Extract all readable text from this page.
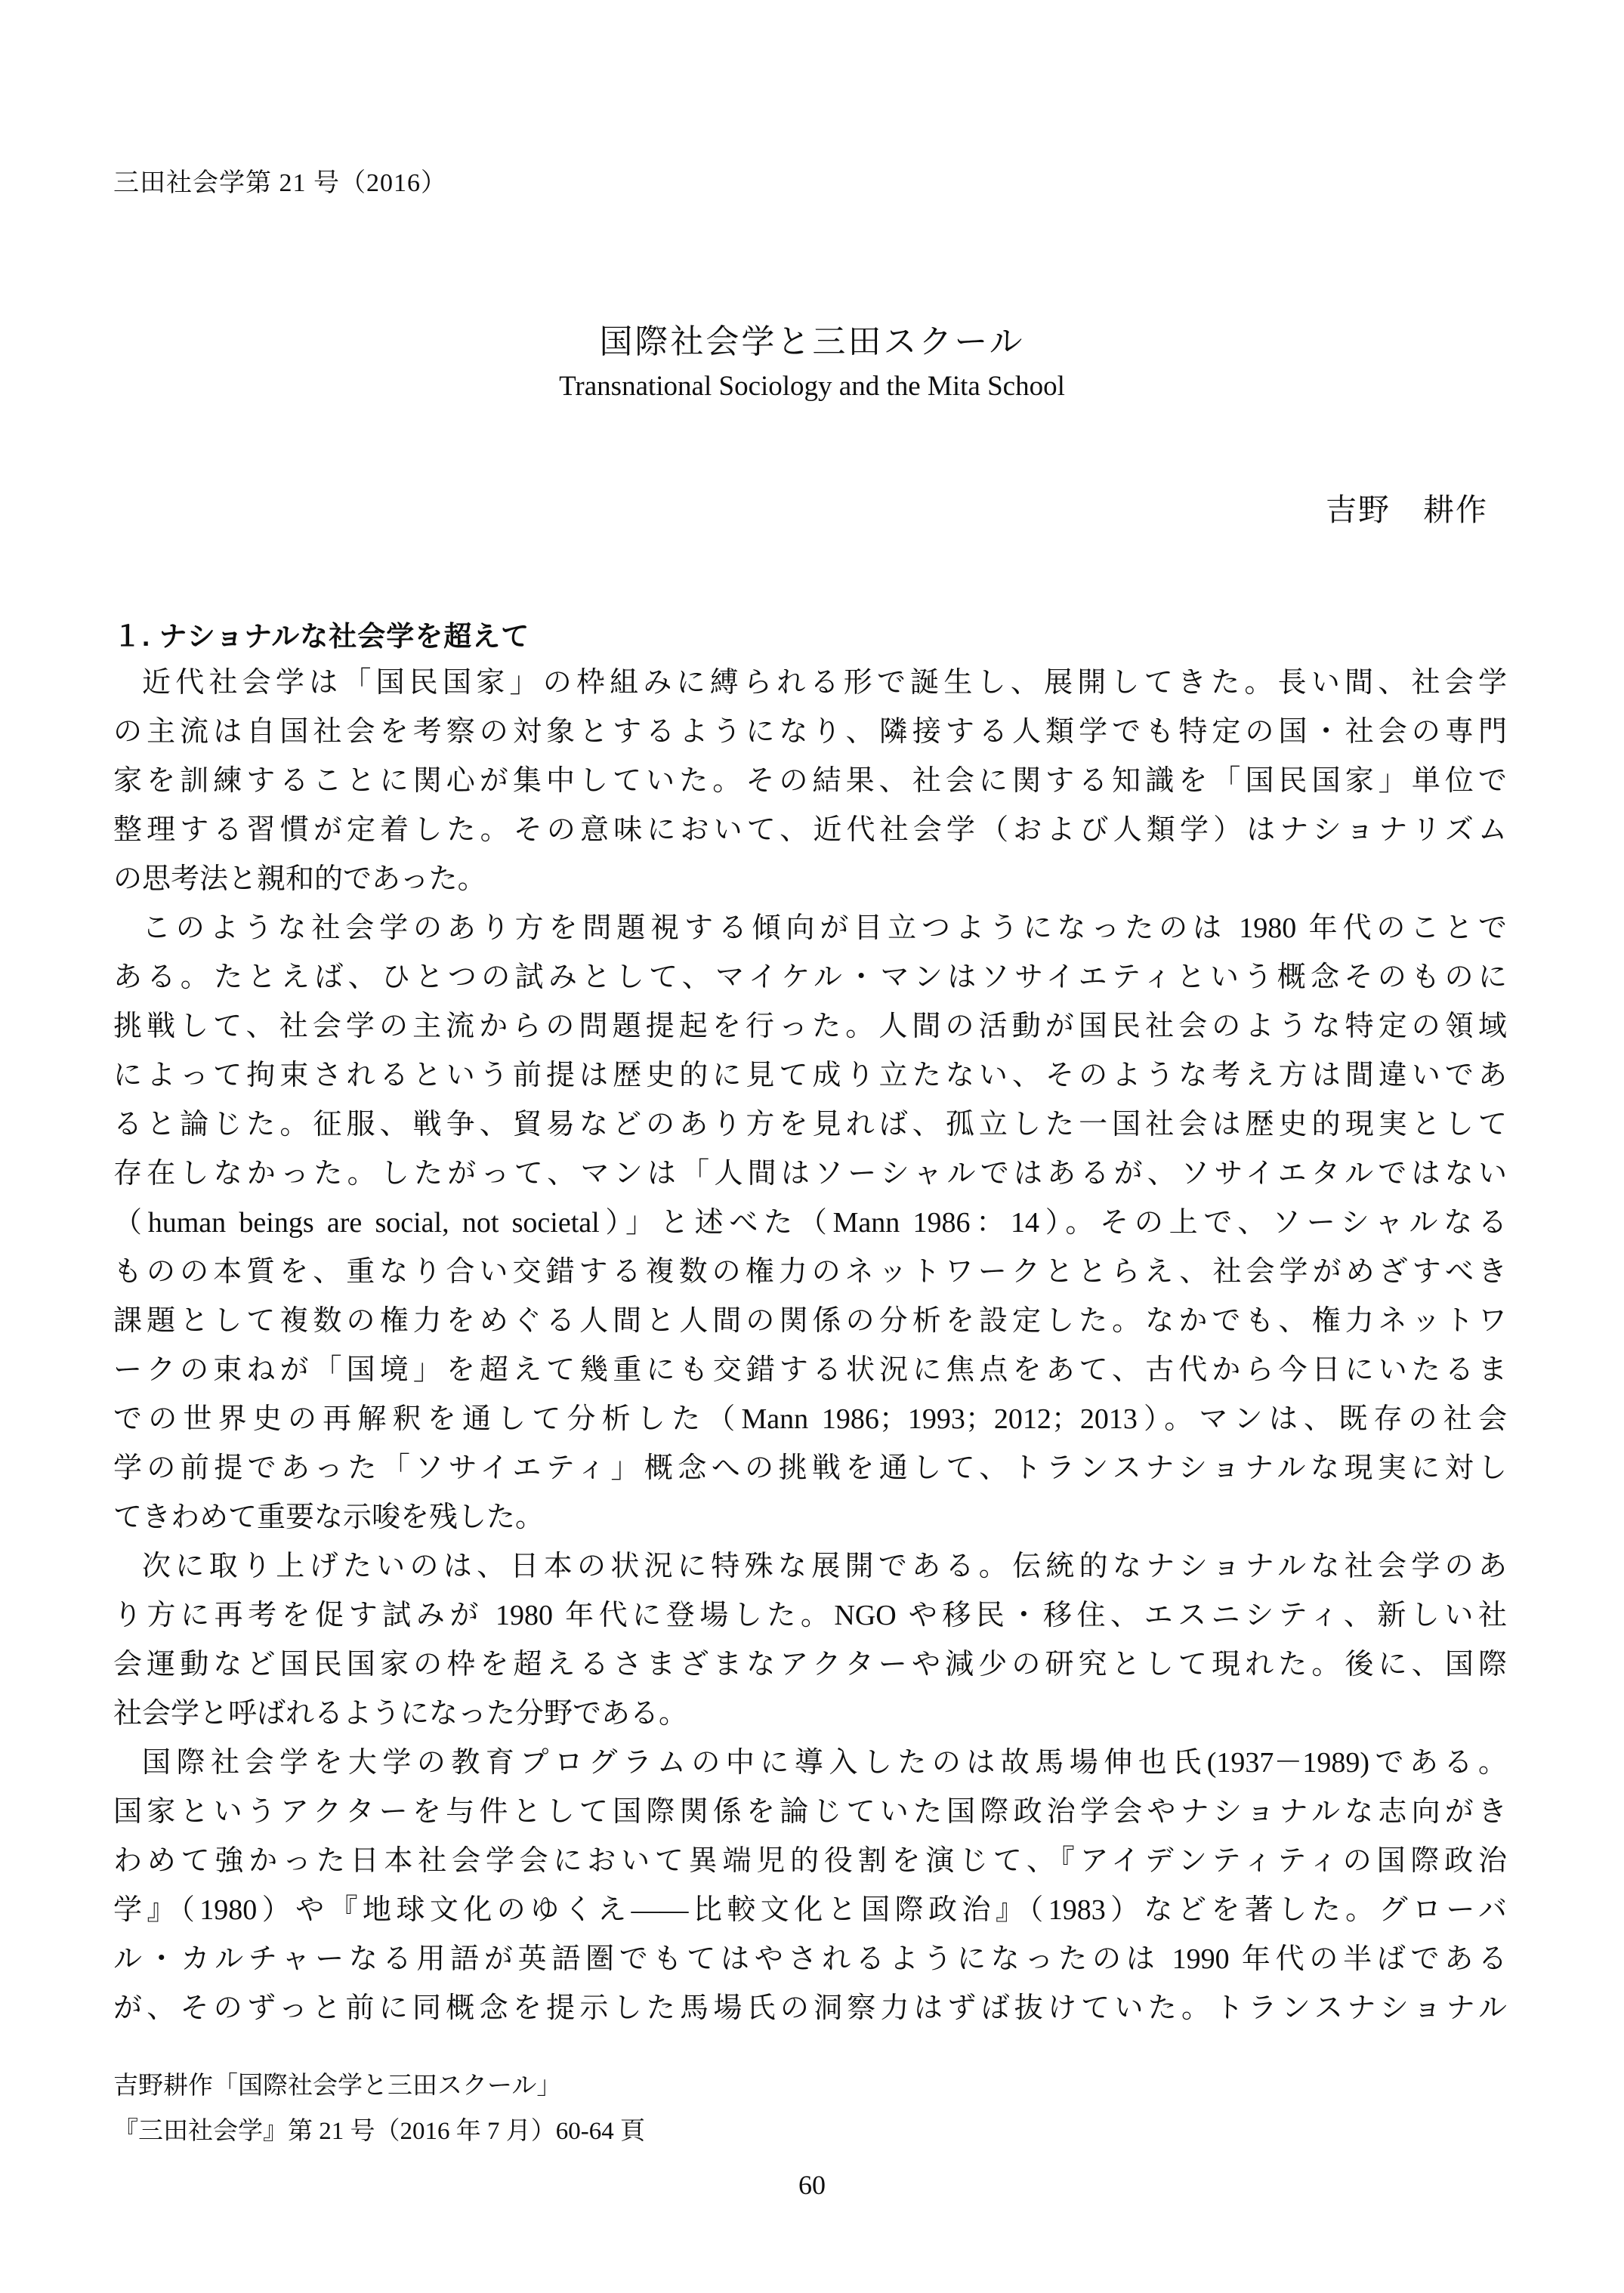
三田社会学第 21 号（2016）
国際社会学と三田スクール
Transnational Sociology and the Mita School
吉野　耕作
１. ナショナルな社会学を超えて
近代社会学は「国民国家」の枠組みに縛られる形で誕生し、展開してきた。長い間、社会学
の主流は自国社会を考察の対象とするようになり、隣接する人類学でも特定の国・社会の専門
家を訓練することに関心が集中していた。その結果、社会に関する知識を「国民国家」単位で
整理する習慣が定着した。その意味において、近代社会学（および人類学）はナショナリズム
の思考法と親和的であった。
このような社会学のあり方を問題視する傾向が目立つようになったのは 1980 年代のことで
ある。たとえば、ひとつの試みとして、マイケル・マンはソサイエティという概念そのものに
挑戦して、社会学の主流からの問題提起を行った。人間の活動が国民社会のような特定の領域
によって拘束されるという前提は歴史的に見て成り立たない、そのような考え方は間違いであ
ると論じた。征服、戦争、貿易などのあり方を見れば、孤立した一国社会は歴史的現実として
存在しなかった。したがって、マンは「人間はソーシャルではあるが、ソサイエタルではない
（human beings are social, not societal）」と述べた（Mann 1986：14）。その上で、ソーシャルなる
ものの本質を、重なり合い交錯する複数の権力のネットワークととらえ、社会学がめざすべき
課題として複数の権力をめぐる人間と人間の関係の分析を設定した。なかでも、権力ネットワ
ークの束ねが「国境」を超えて幾重にも交錯する状況に焦点をあて、古代から今日にいたるま
での世界史の再解釈を通して分析した（Mann 1986；1993；2012；2013）。マンは、既存の社会
学の前提であった「ソサイエティ」概念への挑戦を通して、トランスナショナルな現実に対し
てきわめて重要な示唆を残した。
次に取り上げたいのは、日本の状況に特殊な展開である。伝統的なナショナルな社会学のあ
り方に再考を促す試みが 1980 年代に登場した。NGO や移民・移住、エスニシティ、新しい社
会運動など国民国家の枠を超えるさまざまなアクターや減少の研究として現れた。後に、国際
社会学と呼ばれるようになった分野である。
国際社会学を大学の教育プログラムの中に導入したのは故馬場伸也氏(1937－1989)である。
国家というアクターを与件として国際関係を論じていた国際政治学会やナショナルな志向がき
わめて強かった日本社会学会において異端児的役割を演じて、『アイデンティティの国際政治
学』（1980）や『地球文化のゆくえ――比較文化と国際政治』（1983）などを著した。グローバ
ル・カルチャーなる用語が英語圏でもてはやされるようになったのは 1990 年代の半ばである
が、そのずっと前に同概念を提示した馬場氏の洞察力はずば抜けていた。トランスナショナル
吉野耕作「国際社会学と三田スクール」
『三田社会学』第 21 号（2016 年 7 月）60-64 頁
60
